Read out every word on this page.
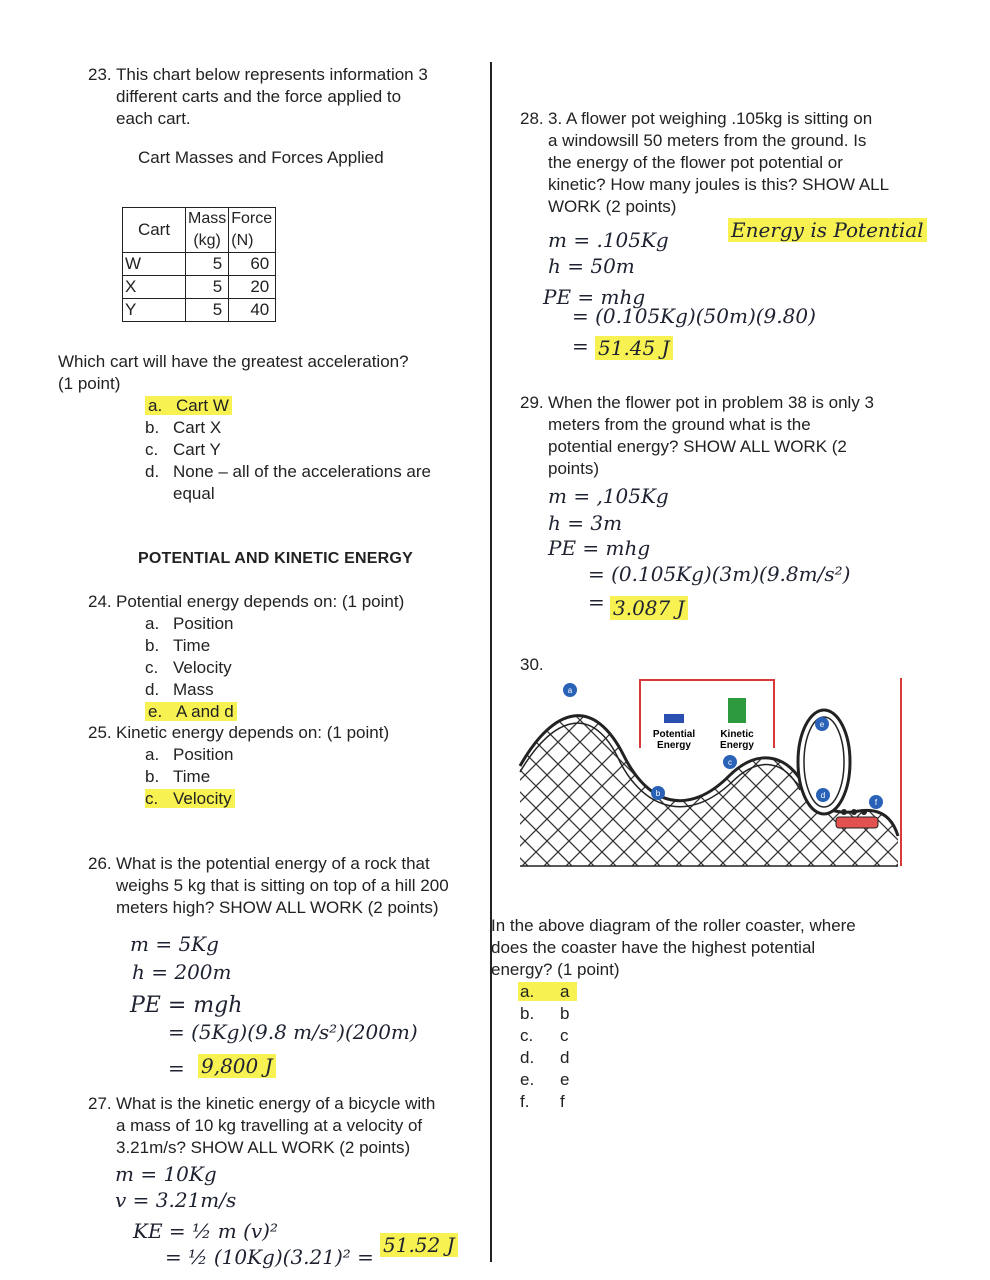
23. This chart below represents information 3
different carts and the force applied to
each cart.
Cart Masses and Forces Applied
Cart	Mass	Force
	(kg)	(N)
W	5	60
X	5	20
Y	5	40
Which cart will have the greatest acceleration?
(1 point)
a. Cart W
b. Cart X
c. Cart Y
d. None – all of the accelerations are
equal
POTENTIAL AND KINETIC ENERGY
24. Potential energy depends on: (1 point)
a. Position
b. Time
c. Velocity
d. Mass
e. A and d
25. Kinetic energy depends on: (1 point)
a. Position
b. Time
c. Velocity
26. What is the potential energy of a rock that
weighs 5 kg that is sitting on top of a hill 200
meters high? SHOW ALL WORK (2 points)
m = 5Kg
h = 200m
PE = mgh
= (5Kg)(9.8 m/s²)(200m)
= 9,800 J
27. What is the kinetic energy of a bicycle with
a mass of 10 kg travelling at a velocity of
3.21m/s? SHOW ALL WORK (2 points)
m = 10Kg
v = 3.21m/s
KE = ½ m (v)²
= ½ (10Kg)(3.21)² = 51.52 J
28. 3. A flower pot weighing .105kg is sitting on
a windowsill 50 meters from the ground. Is
the energy of the flower pot potential or
kinetic? How many joules is this? SHOW ALL
WORK (2 points)
Energy is Potential
m = .105Kg
h = 50m
PE = mhg
= (0.105Kg)(50m)(9.80)
= 51.45 J
29. When the flower pot in problem 38 is only 3
meters from the ground what is the
potential energy? SHOW ALL WORK (2
points)
m = ,105Kg
h = 3m
PE = mhg
= (0.105Kg)(3m)(9.8m/s²)
= 3.087 J
30.
Potential
Energy
Kinetic
Energy
a
b
c
d
e
f
In the above diagram of the roller coaster, where
does the coaster have the highest potential
energy? (1 point)
a. a
b. b
c. c
d. d
e. e
f. f
